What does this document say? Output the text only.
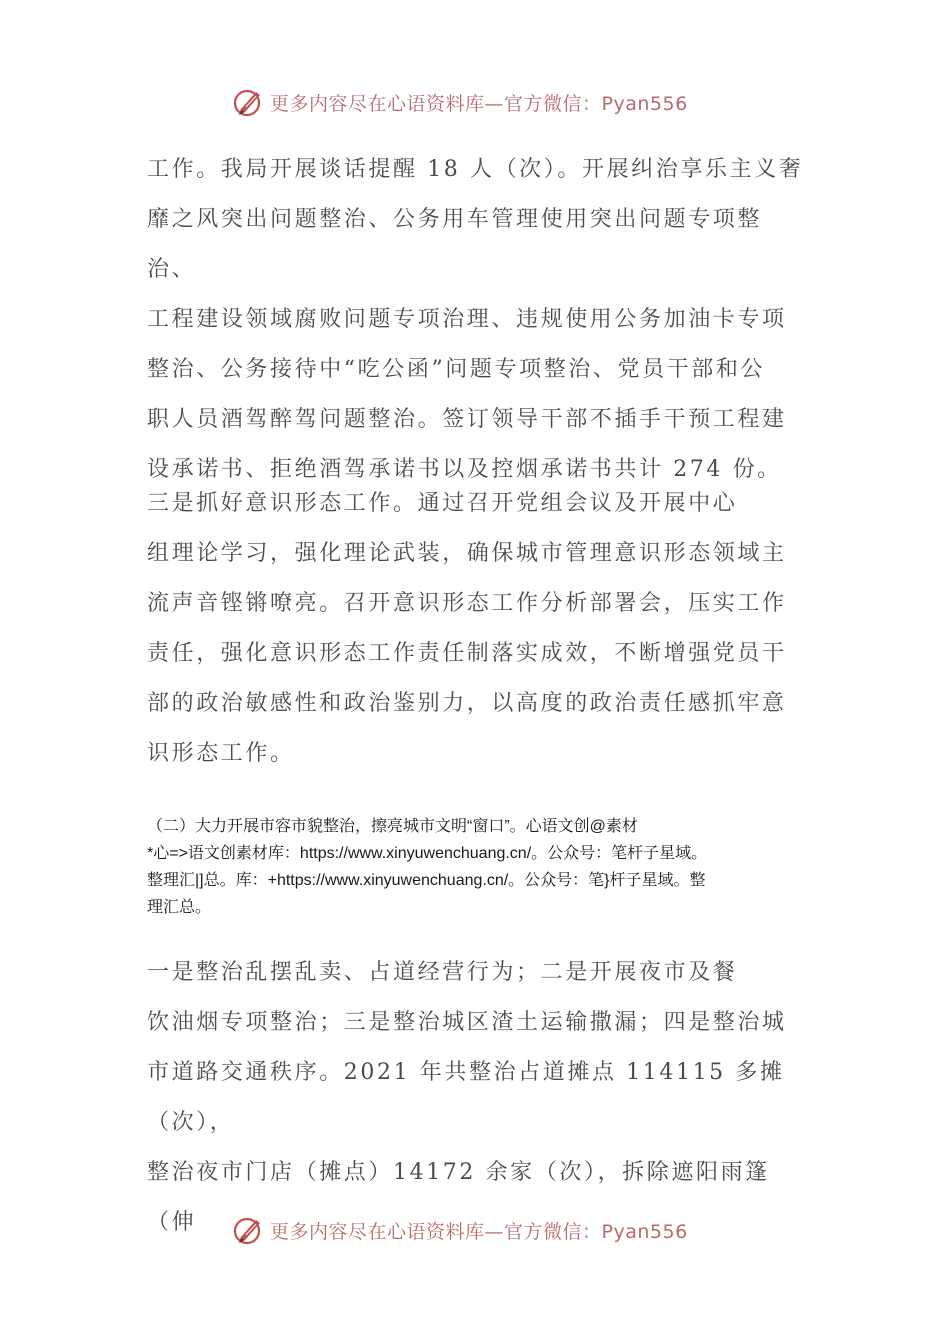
更多内容尽在心语资料库—官方微信：Pyan556

工作。我局开展谈话提醒 18 人（次）。开展纠治享乐主义奢
靡之风突出问题整治、公务用车管理使用突出问题专项整治、
工程建设领域腐败问题专项治理、违规使用公务加油卡专项
整治、公务接待中“吃公函”问题专项整治、党员干部和公
职人员酒驾醉驾问题整治。签订领导干部不插手干预工程建
设承诺书、拒绝酒驾承诺书以及控烟承诺书共计 274 份。

三是抓好意识形态工作。通过召开党组会议及开展中心
组理论学习，强化理论武装，确保城市管理意识形态领域主
流声音铿锵嘹亮。召开意识形态工作分析部署会，压实工作
责任，强化意识形态工作责任制落实成效，不断增强党员干
部的政治敏感性和政治鉴别力，以高度的政治责任感抓牢意
识形态工作。

（二）大力开展市容市貌整治，擦亮城市文明“窗口”。心语文创@素材
*心=>语文创素材库：https://www.xinyuwenchuang.cn/。公众号：笔杆子星域。
整理汇|]总。库：+https://www.xinyuwenchuang.cn/。公众号：笔}杆子星域。整
理汇总。

一是整治乱摆乱卖、占道经营行为；二是开展夜市及餐
饮油烟专项整治；三是整治城区渣土运输撒漏；四是整治城
市道路交通秩序。2021 年共整治占道摊点 114115 多摊（次），
整治夜市门店（摊点）14172 余家（次），拆除遮阳雨篷（伸	更多内容尽在心语资料库—官方微信：Pyan556
